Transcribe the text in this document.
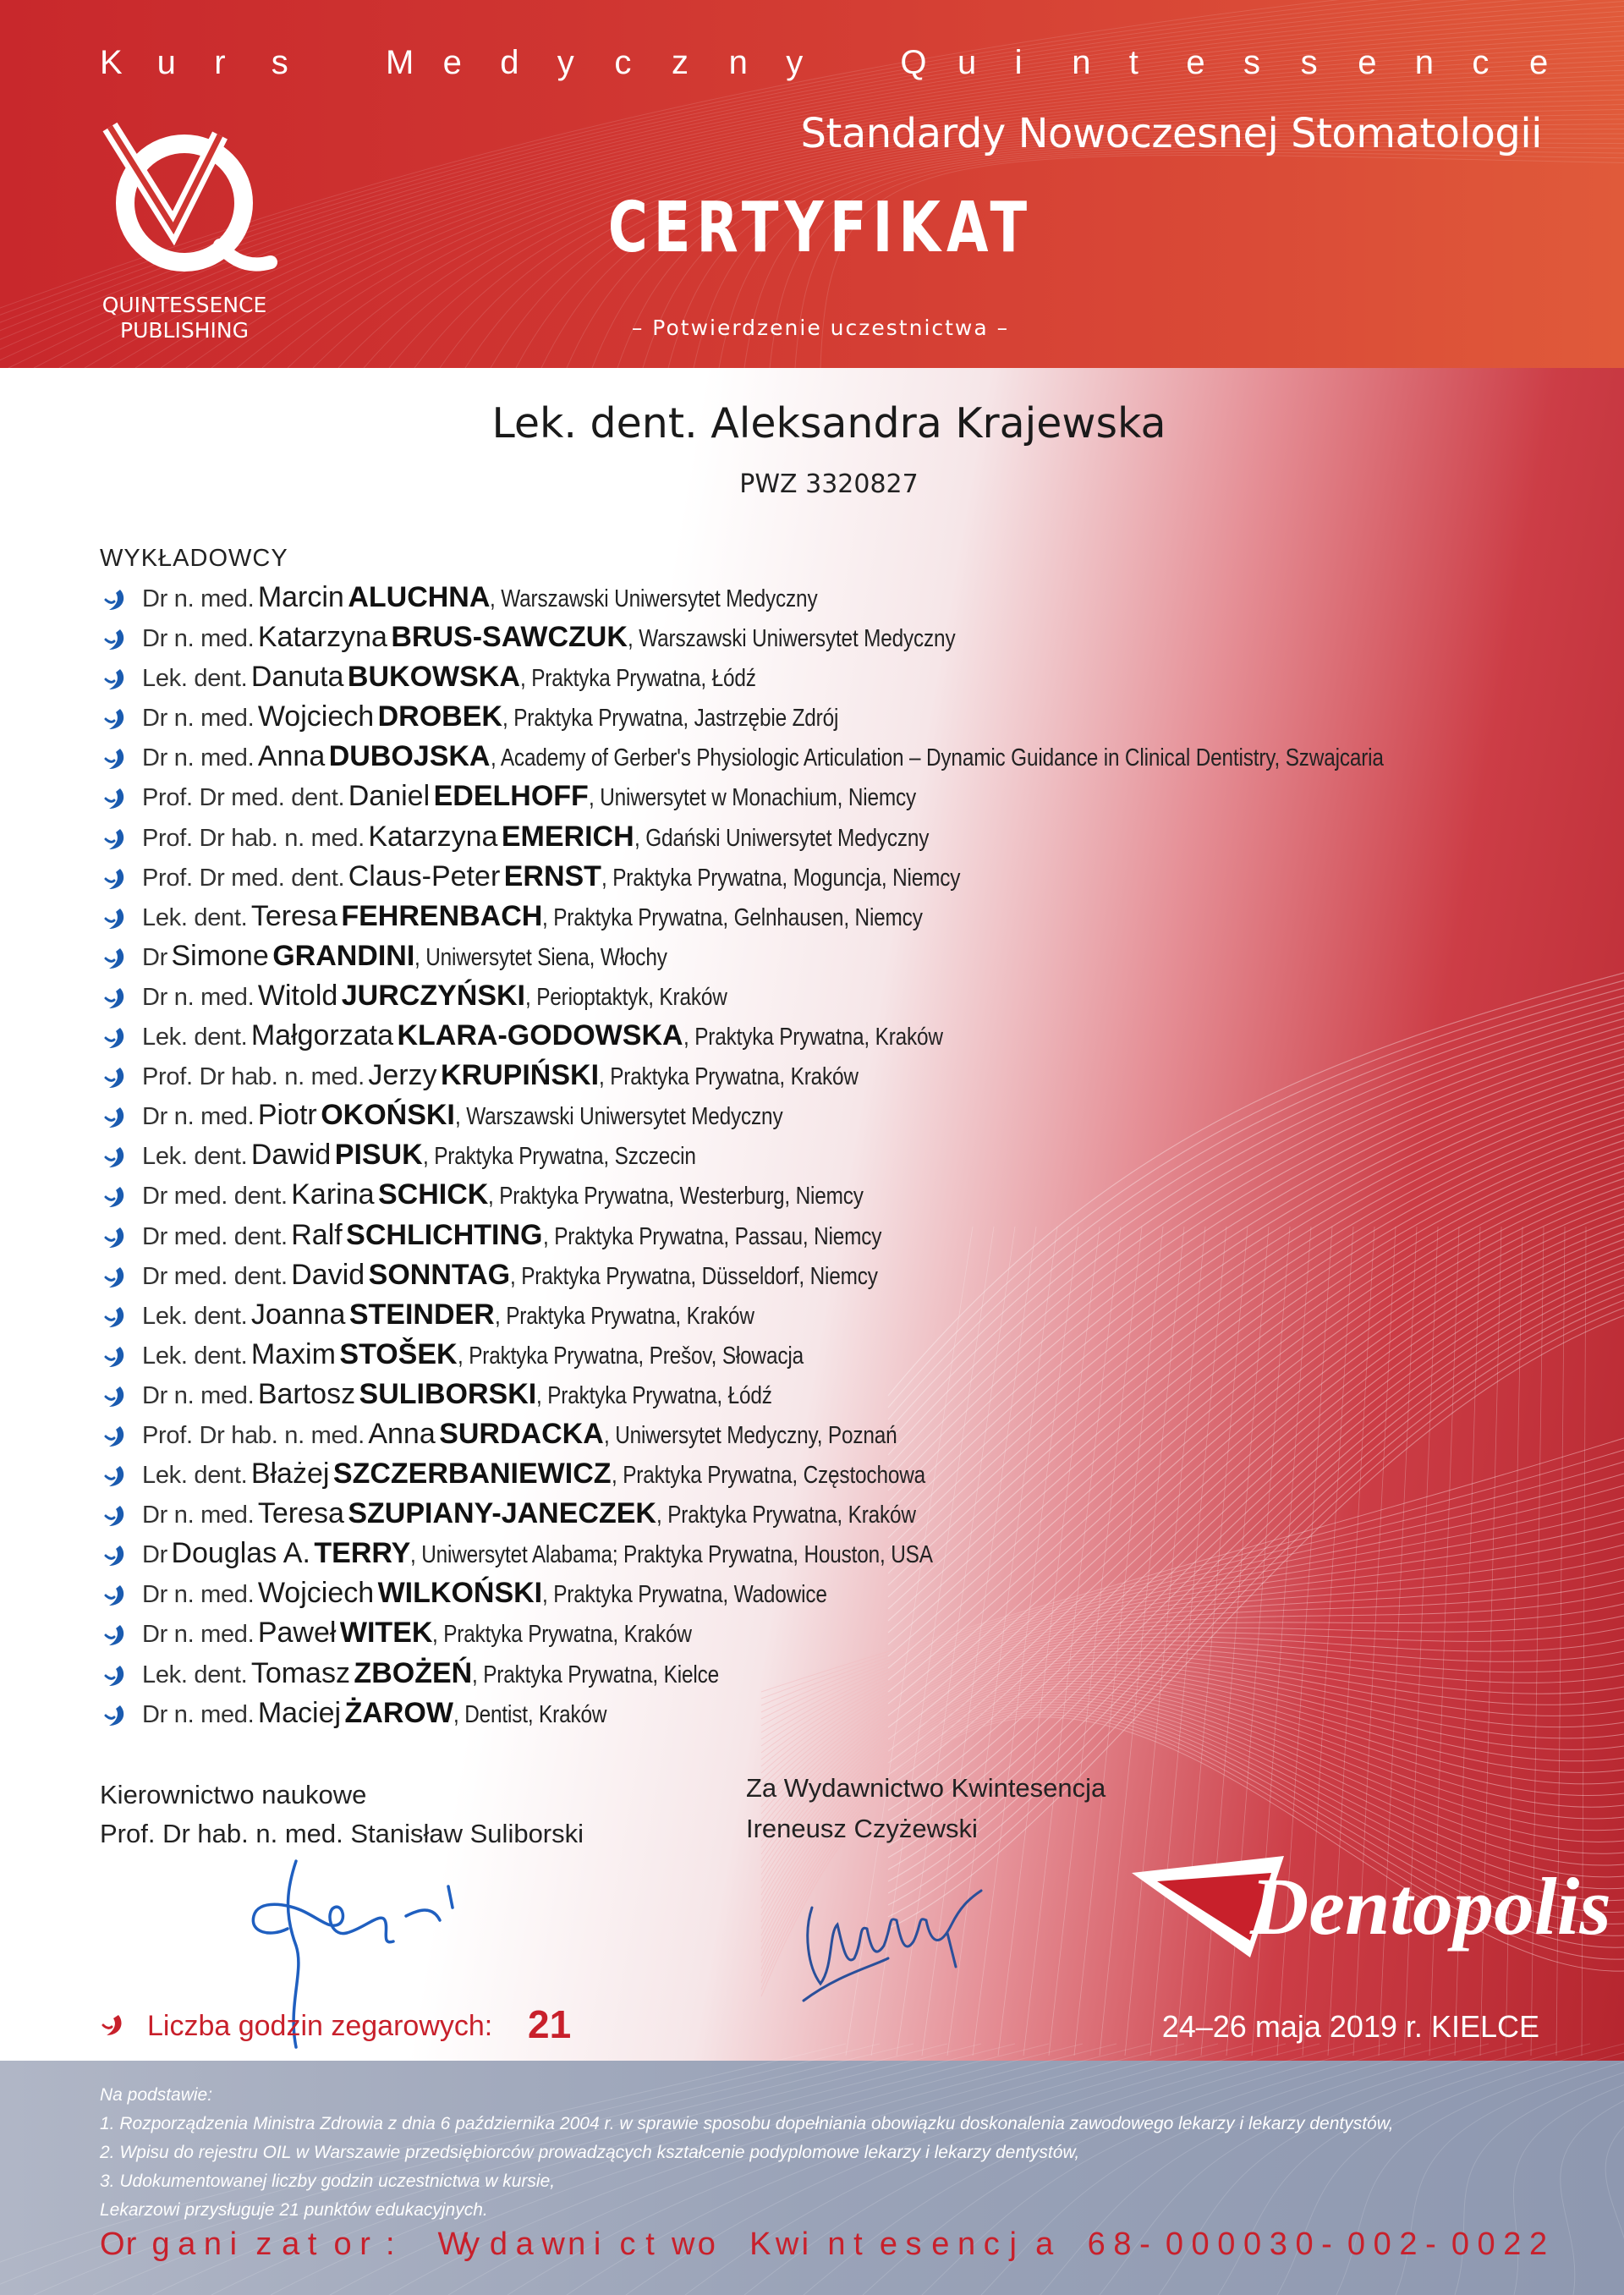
K u r s	M e d y c z n y	Q u i n t e s s e n c e
Standardy Nowoczesnej Stomatologii
CERTYFIKAT
– Potwierdzenie uczestnictwa –
QUINTESSENCE
PUBLISHING
Lek. dent. Aleksandra Krajewska
PWZ 3320827
WYKŁADOWCY
Dr n. med. Marcin ALUCHNA, Warszawski Uniwersytet Medyczny
Dr n. med. Katarzyna BRUS-SAWCZUK, Warszawski Uniwersytet Medyczny
Lek. dent. Danuta BUKOWSKA, Praktyka Prywatna, Łódź
Dr n. med. Wojciech DROBEK, Praktyka Prywatna, Jastrzębie Zdrój
Dr n. med. Anna DUBOJSKA, Academy of Gerber's Physiologic Articulation – Dynamic Guidance in Clinical Dentistry, Szwajcaria
Prof. Dr med. dent. Daniel EDELHOFF, Uniwersytet w Monachium, Niemcy
Prof. Dr hab. n. med. Katarzyna EMERICH, Gdański Uniwersytet Medyczny
Prof. Dr med. dent. Claus-Peter ERNST, Praktyka Prywatna, Moguncja, Niemcy
Lek. dent. Teresa FEHRENBACH, Praktyka Prywatna, Gelnhausen, Niemcy
Dr Simone GRANDINI, Uniwersytet Siena, Włochy
Dr n. med. Witold JURCZYŃSKI, Perioptaktyk, Kraków
Lek. dent. Małgorzata KLARA-GODOWSKA, Praktyka Prywatna, Kraków
Prof. Dr hab. n. med. Jerzy KRUPIŃSKI, Praktyka Prywatna, Kraków
Dr n. med. Piotr OKOŃSKI, Warszawski Uniwersytet Medyczny
Lek. dent. Dawid PISUK, Praktyka Prywatna, Szczecin
Dr med. dent. Karina SCHICK, Praktyka Prywatna, Westerburg, Niemcy
Dr med. dent. Ralf SCHLICHTING, Praktyka Prywatna, Passau, Niemcy
Dr med. dent. David SONNTAG, Praktyka Prywatna, Düsseldorf, Niemcy
Lek. dent. Joanna STEINDER, Praktyka Prywatna, Kraków
Lek. dent. Maxim STOŠEK, Praktyka Prywatna, Prešov, Słowacja
Dr n. med. Bartosz SULIBORSKI, Praktyka Prywatna, Łódź
Prof. Dr hab. n. med. Anna SURDACKA, Uniwersytet Medyczny, Poznań
Lek. dent. Błażej SZCZERBANIEWICZ, Praktyka Prywatna, Częstochowa
Dr n. med. Teresa SZUPIANY-JANECZEK, Praktyka Prywatna, Kraków
Dr Douglas A. TERRY, Uniwersytet Alabama; Praktyka Prywatna, Houston, USA
Dr n. med. Wojciech WILKOŃSKI, Praktyka Prywatna, Wadowice
Dr n. med. Paweł WITEK, Praktyka Prywatna, Kraków
Lek. dent. Tomasz ZBOŻEŃ, Praktyka Prywatna, Kielce
Dr n. med. Maciej ŻAROW, Dentist, Kraków
Kierownictwo naukowe
Prof. Dr hab. n. med. Stanisław Suliborski
Za Wydawnictwo Kwintesencja
Ireneusz Czyżewski
Liczba godzin zegarowych: 21
Dentopolis
24–26 maja 2019 r. KIELCE
Na podstawie:
1. Rozporządzenia Ministra Zdrowia z dnia 6 października 2004 r. w sprawie sposobu dopełniania obowiązku doskonalenia zawodowego lekarzy i lekarzy dentystów,
2. Wpisu do rejestru OIL w Warszawie przedsiębiorców prowadzących kształcenie podyplomowe lekarzy i lekarzy dentystów,
3. Udokumentowanej liczby godzin uczestnictwa w kursie,
Lekarzowi przysługuje 21 punktów edukacyjnych.
O r g a n i z a t o r : W
y d a w n i c t w o K w i n t e s e n c j a 6 8 - 0 0 0 0 3 0 - 0 0 2 - 0 0 2 2
